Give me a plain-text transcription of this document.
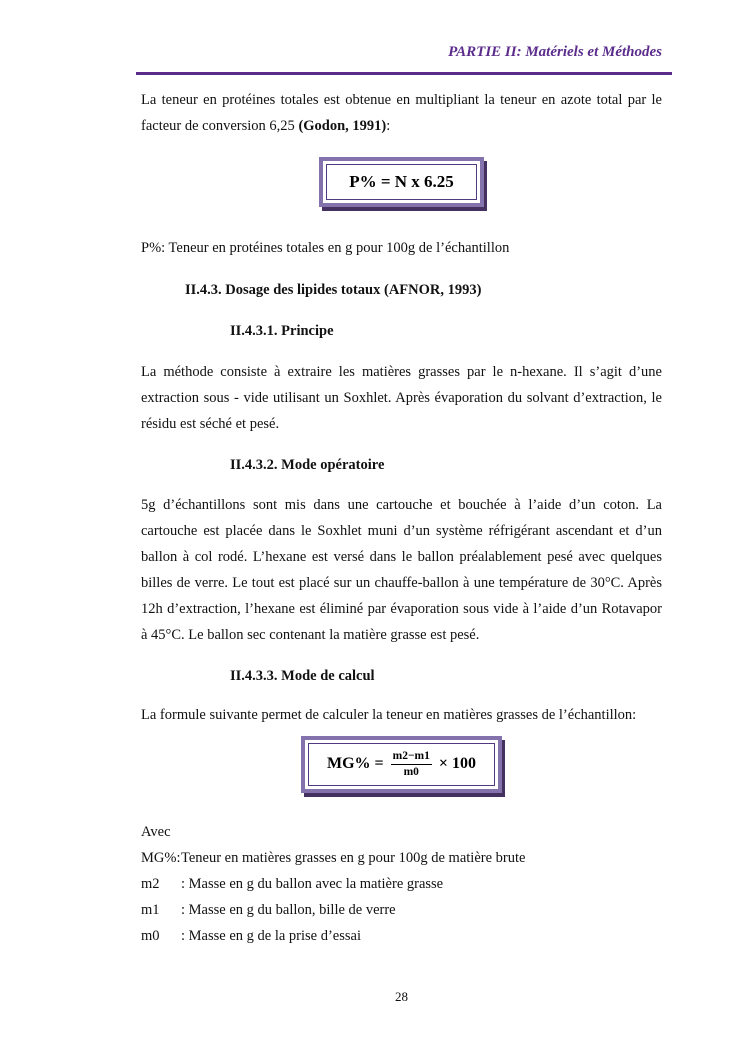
PARTIE II: Matériels et Méthodes
La teneur en protéines totales est obtenue en multipliant la teneur en azote total par le facteur de conversion 6,25 (Godon, 1991):
P% = N x 6.25
P%: Teneur en protéines totales en g pour 100g de l’échantillon
II.4.3. Dosage des lipides totaux (AFNOR, 1993)
II.4.3.1. Principe
La méthode consiste à extraire les matières grasses par le n-hexane. Il s’agit d’une extraction sous - vide utilisant un Soxhlet. Après évaporation du solvant d’extraction, le résidu est séché et pesé.
II.4.3.2. Mode opératoire
5g d’échantillons sont mis dans une cartouche et bouchée à l’aide d’un coton. La cartouche est placée dans le Soxhlet muni d’un système réfrigérant ascendant et d’un ballon à col rodé. L’hexane est versé dans le ballon préalablement pesé avec quelques billes de verre. Le tout est placé sur un chauffe-ballon à une température de 30°C. Après 12h d’extraction, l’hexane est éliminé par évaporation sous vide à l’aide d’un Rotavapor à 45°C. Le ballon sec contenant la matière grasse est pesé.
II.4.3.3. Mode de calcul
La formule suivante permet de calculer la teneur en matières grasses de l’échantillon:
$MG\% = \frac{m2-m1}{m0} \times 100$
Avec
MG%: Teneur en matières grasses en g pour 100g de matière brute
m2	: Masse en g du ballon avec la matière grasse
m1	: Masse en g du ballon, bille de verre
m0	: Masse en g de la prise d’essai
28
